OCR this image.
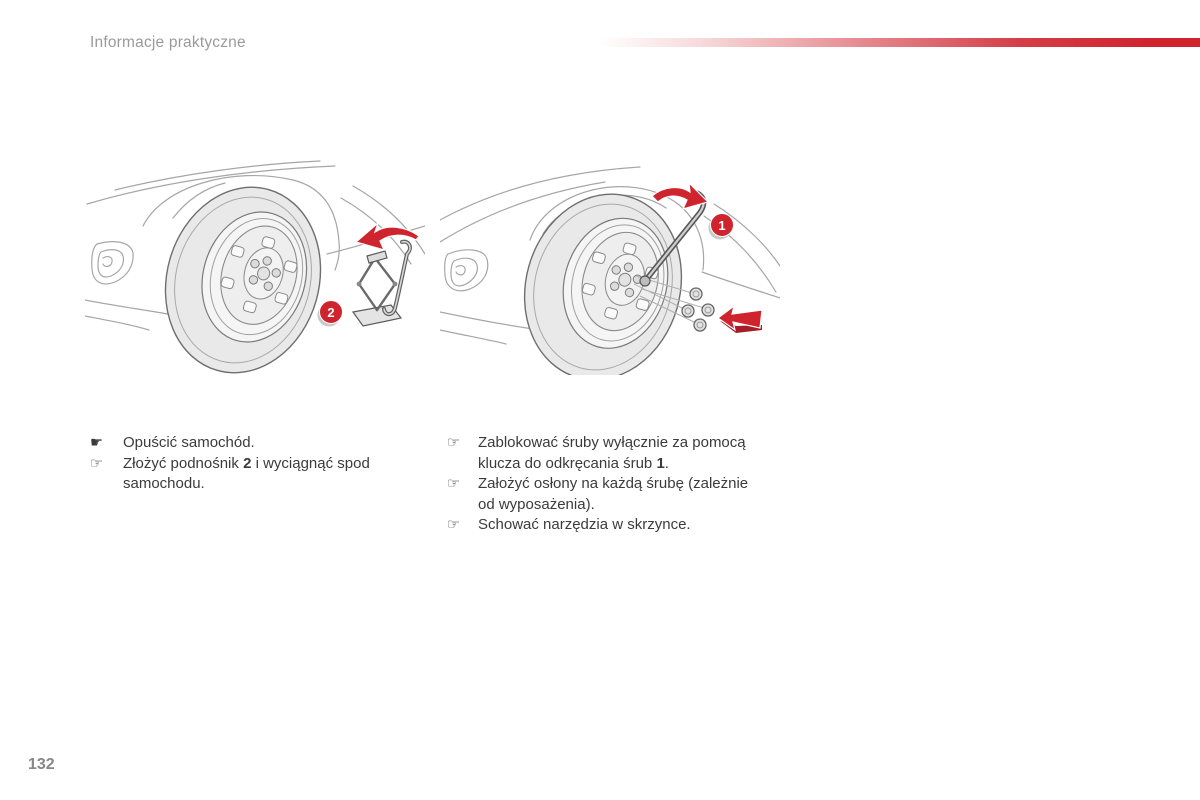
Informacje praktyczne
2
1
☛	Opuścić samochód.
☞	Złożyć podnośnik 2 i wyciągnąć spod samochodu.
☞	Zablokować śruby wyłącznie za pomocą klucza do odkręcania śrub 1.
☞	Założyć osłony na każdą śrubę (zależnie od wyposażenia).
☞	Schować narzędzia w skrzynce.
132
